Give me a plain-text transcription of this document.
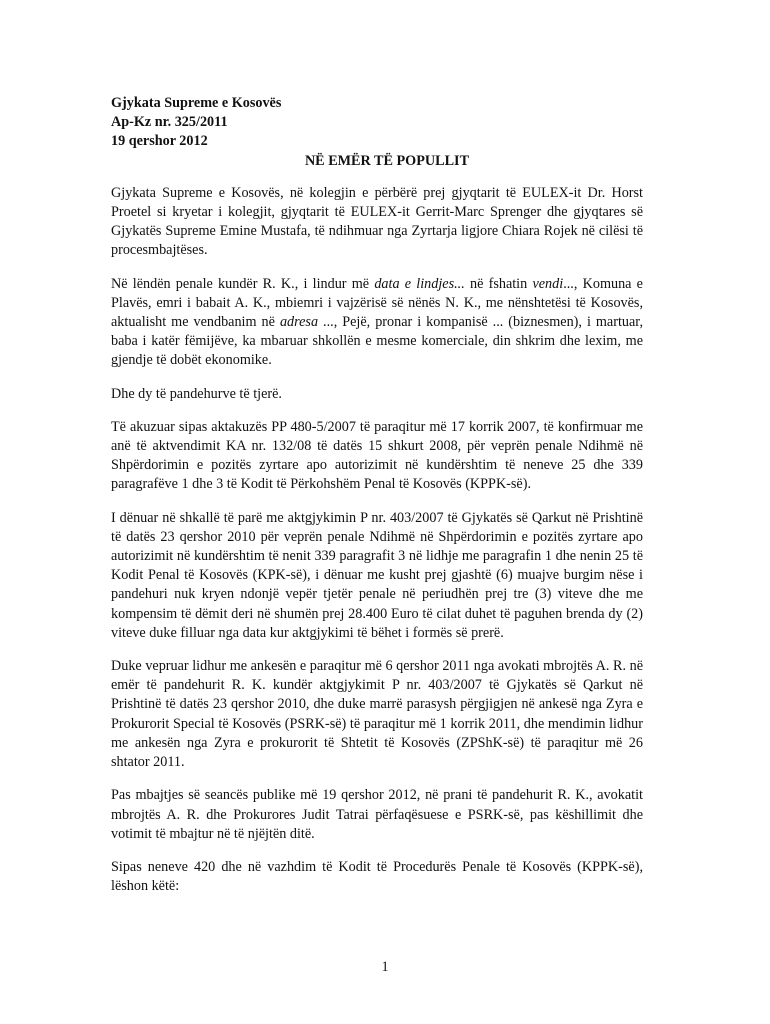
Gjykata Supreme e Kosovës

Ap-Kz nr. 325/2011

19 qershor 2012

NË EMËR TË POPULLIT

Gjykata Supreme e Kosovës, në kolegjin e përbërë prej gjyqtarit të EULEX-it Dr. Horst Proetel si kryetar i kolegjit, gjyqtarit të EULEX-it Gerrit-Marc Sprenger dhe gjyqtares së Gjykatës Supreme Emine Mustafa, të ndihmuar nga Zyrtarja ligjore Chiara Rojek në cilësi të procesmbajtëses.

Në lëndën penale kundër R. K., i lindur më data e lindjes... në fshatin vendi..., Komuna e Plavës, emri i babait A. K., mbiemri i vajzërisë së nënës N. K., me nënshtetësi të Kosovës, aktualisht me vendbanim në adresa ..., Pejë, pronar i kompanisë ... (biznesmen), i martuar, baba i katër fëmijëve, ka mbaruar shkollën e mesme komerciale, din shkrim dhe lexim, me gjendje të dobët ekonomike.

Dhe dy të pandehurve të tjerë.

Të akuzuar sipas aktakuzës PP 480-5/2007 të paraqitur më 17 korrik 2007, të konfirmuar me anë të aktvendimit KA nr. 132/08 të datës 15 shkurt 2008, për veprën penale Ndihmë në Shpërdorimin e pozitës zyrtare apo autorizimit në kundërshtim të neneve 25 dhe 339 paragrafëve 1 dhe 3 të Kodit të Përkohshëm Penal të Kosovës (KPPK-së).

I dënuar në shkallë të parë me aktgjykimin P nr. 403/2007 të Gjykatës së Qarkut në Prishtinë të datës 23 qershor 2010 për veprën penale Ndihmë në Shpërdorimin e pozitës zyrtare apo autorizimit në kundërshtim të nenit 339 paragrafit 3 në lidhje me paragrafin 1 dhe nenin 25 të Kodit Penal të Kosovës (KPK-së), i dënuar me kusht prej gjashtë (6) muajve burgim nëse i pandehuri nuk kryen ndonjë vepër tjetër penale në periudhën prej tre (3) viteve dhe me kompensim të dëmit deri në shumën prej 28.400 Euro të cilat duhet të paguhen brenda dy (2) viteve duke filluar nga data kur aktgjykimi të bëhet i formës së prerë.

Duke vepruar lidhur me ankesën e paraqitur më 6 qershor 2011 nga avokati mbrojtës A. R. në emër të pandehurit R. K. kundër aktgjykimit P nr. 403/2007 të Gjykatës së Qarkut në Prishtinë të datës 23 qershor 2010, dhe duke marrë parasysh përgjigjen në ankesë nga Zyra e Prokurorit Special të Kosovës (PSRK-së) të paraqitur më 1 korrik 2011, dhe mendimin lidhur me ankesën nga Zyra e prokurorit të Shtetit të Kosovës (ZPShK-së) të paraqitur më 26 shtator 2011.

Pas mbajtjes së seancës publike më 19 qershor 2012, në prani të pandehurit R. K., avokatit mbrojtës A. R. dhe Prokurores Judit Tatrai përfaqësuese e PSRK-së, pas këshillimit dhe votimit të mbajtur në të njëjtën ditë.

Sipas neneve 420 dhe në vazhdim të Kodit të Procedurës Penale të Kosovës (KPPK-së), lëshon këtë:

1
